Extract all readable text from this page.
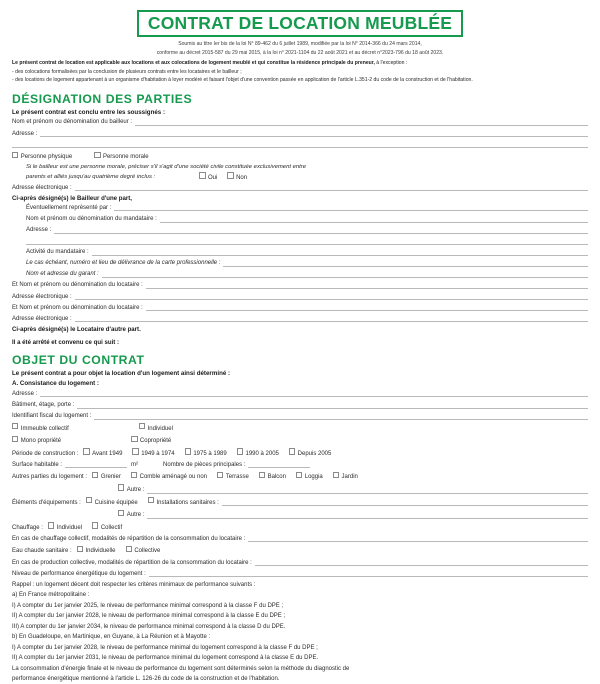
CONTRAT DE LOCATION MEUBLÉE
Soumis au titre Ier bis de la loi N° 89-462 du 6 juillet 1989, modifiée par la loi N° 2014-366 du 24 mars 2014,
conforme au décret 2015-587 du 29 mai 2015, à la loi n° 2021-1104 du 22 août 2021 et au décret n°2023-796 du 18 août 2023.
Le présent contrat de location est applicable aux locations et aux colocations de logement meublé et qui constitue la résidence principale du preneur, à l'exception :
- des colocations formalisées par la conclusion de plusieurs contrats entre les locataires et le bailleur ;
- des locations de logement appartenant à un organisme d'habitation à loyer modéré et faisant l'objet d'une convention passée en application de l'article L.351-2 du code de la construction et de l'habitation.
DÉSIGNATION DES PARTIES
Le présent contrat est conclu entre les soussignés :
Nom et prénom ou dénomination du bailleur :
Adresse :
Personne physique	Personne morale
Si le bailleur est une personne morale, préciser s'il s'agit d'une société civile constituée exclusivement entre
parents et alliés jusqu'au quatrième degré inclus :	Oui	Non
Adresse électronique :
Ci-après désigné(s) le Bailleur d'une part,
Éventuellement représenté par :
Nom et prénom ou dénomination du mandataire :
Adresse :
Activité du mandataire :
Le cas échéant, numéro et lieu de délivrance de la carte professionnelle :
Nom et adresse du garant :
Et Nom et prénom ou dénomination du locataire :
Adresse électronique :
Et Nom et prénom ou dénomination du locataire :
Adresse électronique :
Ci-après désigné(s) le Locataire d'autre part.
Il a été arrêté et convenu ce qui suit :
OBJET DU CONTRAT
Le présent contrat a pour objet la location d'un logement ainsi déterminé :
A. Consistance du logement :
Adresse :
Bâtiment, étage, porte :
Identifiant fiscal du logement :
Immeuble collectif	Individuel
Mono propriété	Copropriété
Période de construction :	Avant 1949	1949 à 1974	1975 à 1989	1990 à 2005	Depuis 2005
Surface habitable :	m²	Nombre de pièces principales :
Autres parties du logement :	Grenier	Comble aménagé ou non	Terrasse	Balcon	Loggia	Jardin
Autre :
Éléments d'équipements :	Cuisine équipée	Installations sanitaires :
Autre :
Chauffage :	Individuel	Collectif
En cas de chauffage collectif, modalités de répartition de la consommation du locataire :
Eau chaude sanitaire :	Individuelle	Collective
En cas de production collective, modalités de répartition de la consommation du locataire :
Niveau de performance énergétique du logement :
Rappel : un logement décent doit respecter les critères minimaux de performance suivants :
a) En France métropolitaine :
I) A compter du 1er janvier 2025, le niveau de performance minimal correspond à la classe F du DPE ;
II) A compter du 1er janvier 2028, le niveau de performance minimal correspond à la classe E du DPE ;
III) A compter du 1er janvier 2034, le niveau de performance minimal correspond à la classe D du DPE.
b) En Guadeloupe, en Martinique, en Guyane, à La Réunion et à Mayotte :
I) A compter du 1er janvier 2028, le niveau de performance minimal du logement correspond à la classe F du DPE ;
II) A compter du 1er janvier 2031, le niveau de performance minimal du logement correspond à la classe E du DPE.
La consommation d'énergie finale et le niveau de performance du logement sont déterminés selon la méthode du diagnostic de
performance énergétique mentionné à l'article L. 126-26 du code de la construction et de l'habitation.
